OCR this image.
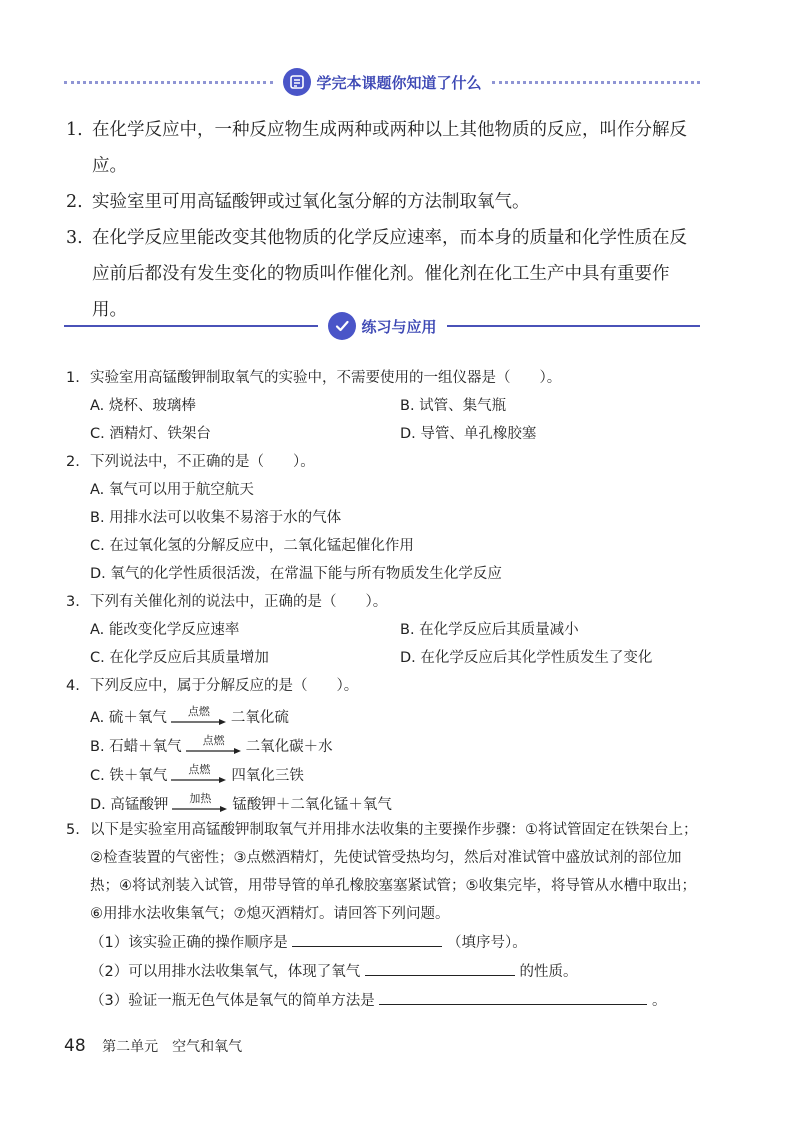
学完本课题你知道了什么
1. 在化学反应中，一种反应物生成两种或两种以上其他物质的反应，叫作分解反应。
2. 实验室里可用高锰酸钾或过氧化氢分解的方法制取氧气。
3. 在化学反应里能改变其他物质的化学反应速率，而本身的质量和化学性质在反应前后都没有发生变化的物质叫作催化剂。催化剂在化工生产中具有重要作用。
练习与应用
1. 实验室用高锰酸钾制取氧气的实验中，不需要使用的一组仪器是（　　）。
A. 烧杯、玻璃棒	B. 试管、集气瓶
C. 酒精灯、铁架台	D. 导管、单孔橡胶塞
2. 下列说法中，不正确的是（　　）。
A. 氧气可以用于航空航天
B. 用排水法可以收集不易溶于水的气体
C. 在过氧化氢的分解反应中，二氧化锰起催化作用
D. 氧气的化学性质很活泼，在常温下能与所有物质发生化学反应
3. 下列有关催化剂的说法中，正确的是（　　）。
A. 能改变化学反应速率	B. 在化学反应后其质量减小
C. 在化学反应后其质量增加	D. 在化学反应后其化学性质发生了变化
4. 下列反应中，属于分解反应的是（　　）。
A. 硫＋氧气 点燃 二氧化硫
B. 石蜡＋氧气 点燃 二氧化碳＋水
C. 铁＋氧气 点燃 四氧化三铁
D. 高锰酸钾 加热 锰酸钾＋二氧化锰＋氧气
5. 以下是实验室用高锰酸钾制取氧气并用排水法收集的主要操作步骤：①将试管固定在铁架台上；②检查装置的气密性；③点燃酒精灯，先使试管受热均匀，然后对准试管中盛放试剂的部位加热；④将试剂装入试管，用带导管的单孔橡胶塞塞紧试管；⑤收集完毕，将导管从水槽中取出；⑥用排水法收集氧气；⑦熄灭酒精灯。请回答下列问题。
（1）该实验正确的操作顺序是	（填序号）。
（2）可以用排水法收集氧气，体现了氧气	的性质。
（3）验证一瓶无色气体是氧气的简单方法是	。
48 第二单元　空气和氧气
